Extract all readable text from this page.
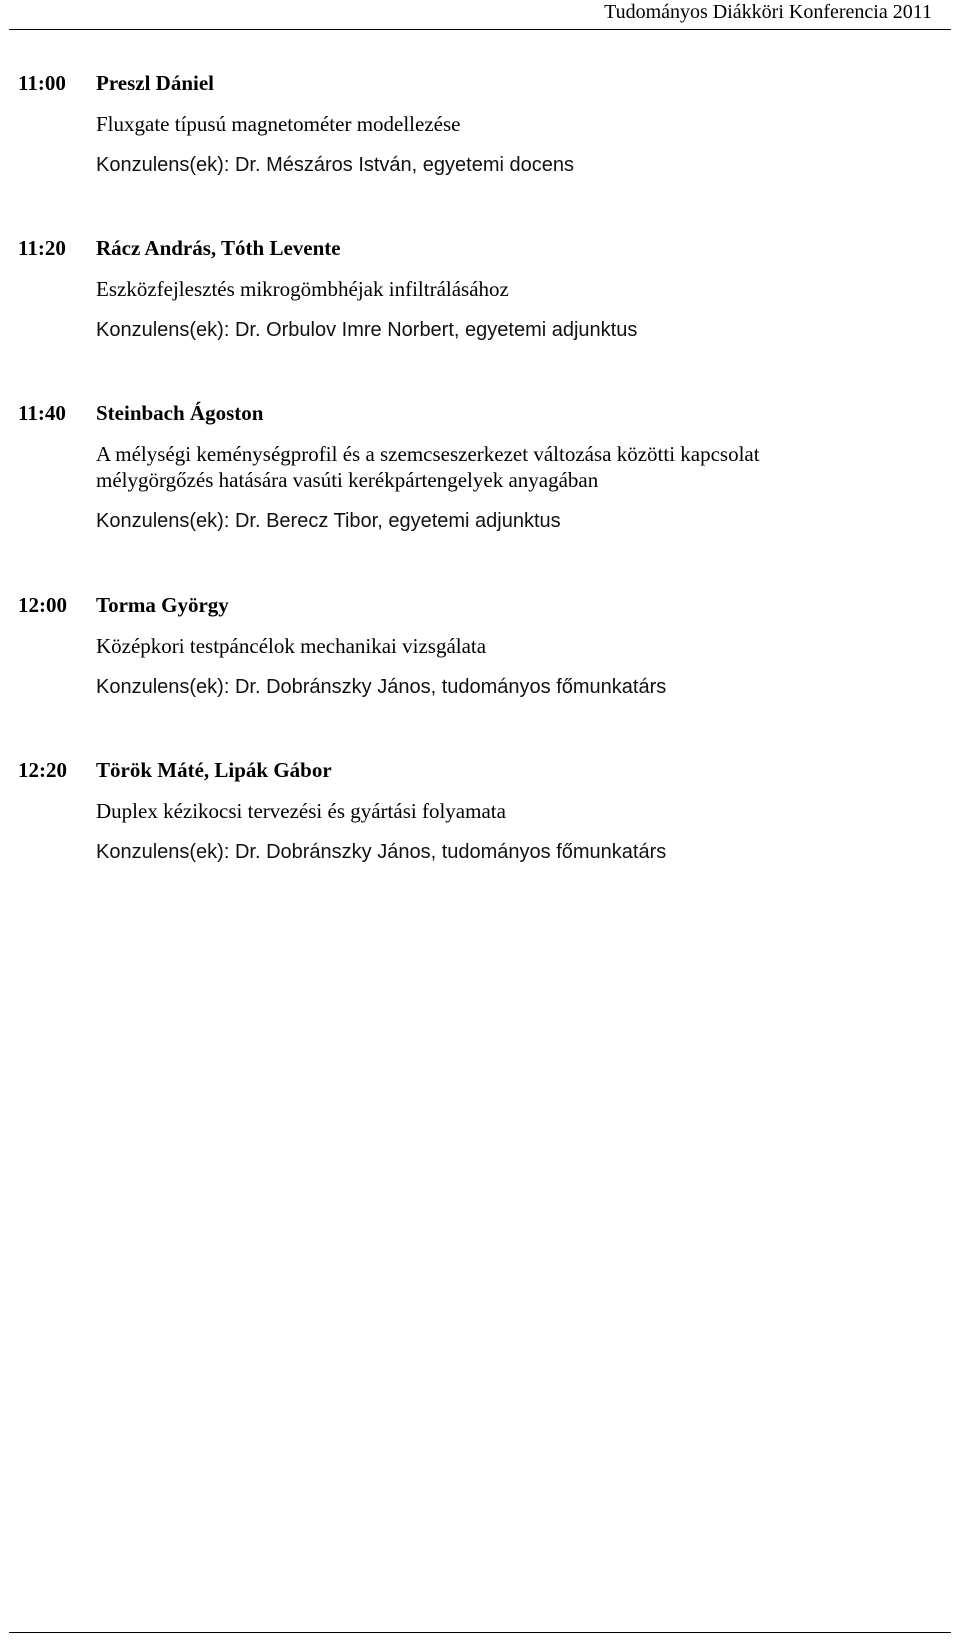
Tudományos Diákköri Konferencia 2011
11:00 Preszl Dániel
Fluxgate típusú magnetométer modellezése
Konzulens(ek): Dr. Mészáros István, egyetemi docens
11:20 Rácz András, Tóth Levente
Eszközfejlesztés mikrogömbhéjak infiltrálásához
Konzulens(ek): Dr. Orbulov Imre Norbert, egyetemi adjunktus
11:40 Steinbach Ágoston
A mélységi keménységprofil és a szemcseszerkezet változása közötti kapcsolat mélygörgőzés hatására vasúti kerékpártengelyek anyagában
Konzulens(ek): Dr. Berecz Tibor, egyetemi adjunktus
12:00 Torma György
Középkori testpáncélok mechanikai vizsgálata
Konzulens(ek): Dr. Dobránszky János, tudományos főmunkatárs
12:20 Török Máté, Lipák Gábor
Duplex kézikocsi tervezési és gyártási folyamata
Konzulens(ek): Dr. Dobránszky János, tudományos főmunkatárs
